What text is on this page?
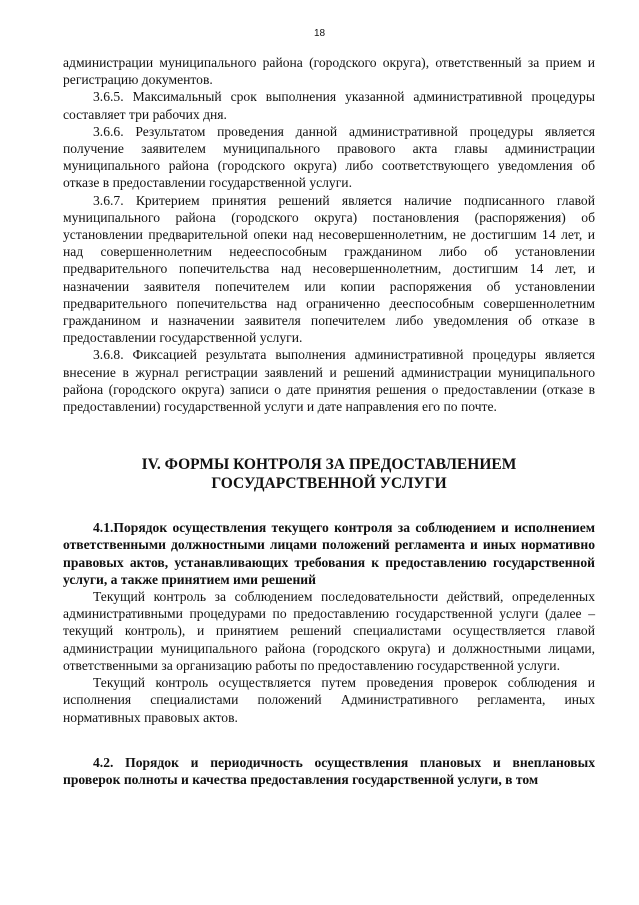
18

администрации муниципального района (городского округа), ответственный за прием и регистрацию документов.

3.6.5. Максимальный срок выполнения указанной административной процедуры составляет три рабочих дня.

3.6.6. Результатом проведения данной административной процедуры является получение заявителем муниципального правового акта главы администрации муниципального района (городского округа) либо соответствующего уведомления об отказе в предоставлении государственной услуги.

3.6.7. Критерием принятия решений является наличие подписанного главой муниципального района (городского округа) постановления (распоряжения) об установлении предварительной опеки над несовершеннолетним, не достигшим 14 лет, и над совершеннолетним недееспособным гражданином либо об установлении предварительного попечительства над несовершеннолетним, достигшим 14 лет, и назначении заявителя попечителем или копии распоряжения об установлении предварительного попечительства над ограниченно дееспособным совершеннолетним гражданином и назначении заявителя попечителем либо уведомления об отказе в предоставлении государственной услуги.

3.6.8. Фиксацией результата выполнения административной процедуры является внесение в журнал регистрации заявлений и решений администрации муниципального района (городского округа) записи о дате принятия решения о предоставлении (отказе в предоставлении) государственной услуги и дате направления его по почте.

IV. ФОРМЫ КОНТРОЛЯ ЗА ПРЕДОСТАВЛЕНИЕМ
ГОСУДАРСТВЕННОЙ УСЛУГИ

4.1.Порядок осуществления текущего контроля за соблюдением и исполнением ответственными должностными лицами положений регламента и иных нормативно правовых актов, устанавливающих требования к предоставлению государственной услуги, а также принятием ими решений

Текущий контроль за соблюдением последовательности действий, определенных административными процедурами по предоставлению государственной услуги (далее – текущий контроль), и принятием решений специалистами осуществляется главой администрации муниципального района (городского округа) и должностными лицами, ответственными за организацию работы по предоставлению государственной услуги.

Текущий контроль осуществляется путем проведения проверок соблюдения и исполнения специалистами положений Административного регламента, иных нормативных правовых актов.

4.2. Порядок и периодичность осуществления плановых и внеплановых проверок полноты и качества предоставления государственной услуги, в том
